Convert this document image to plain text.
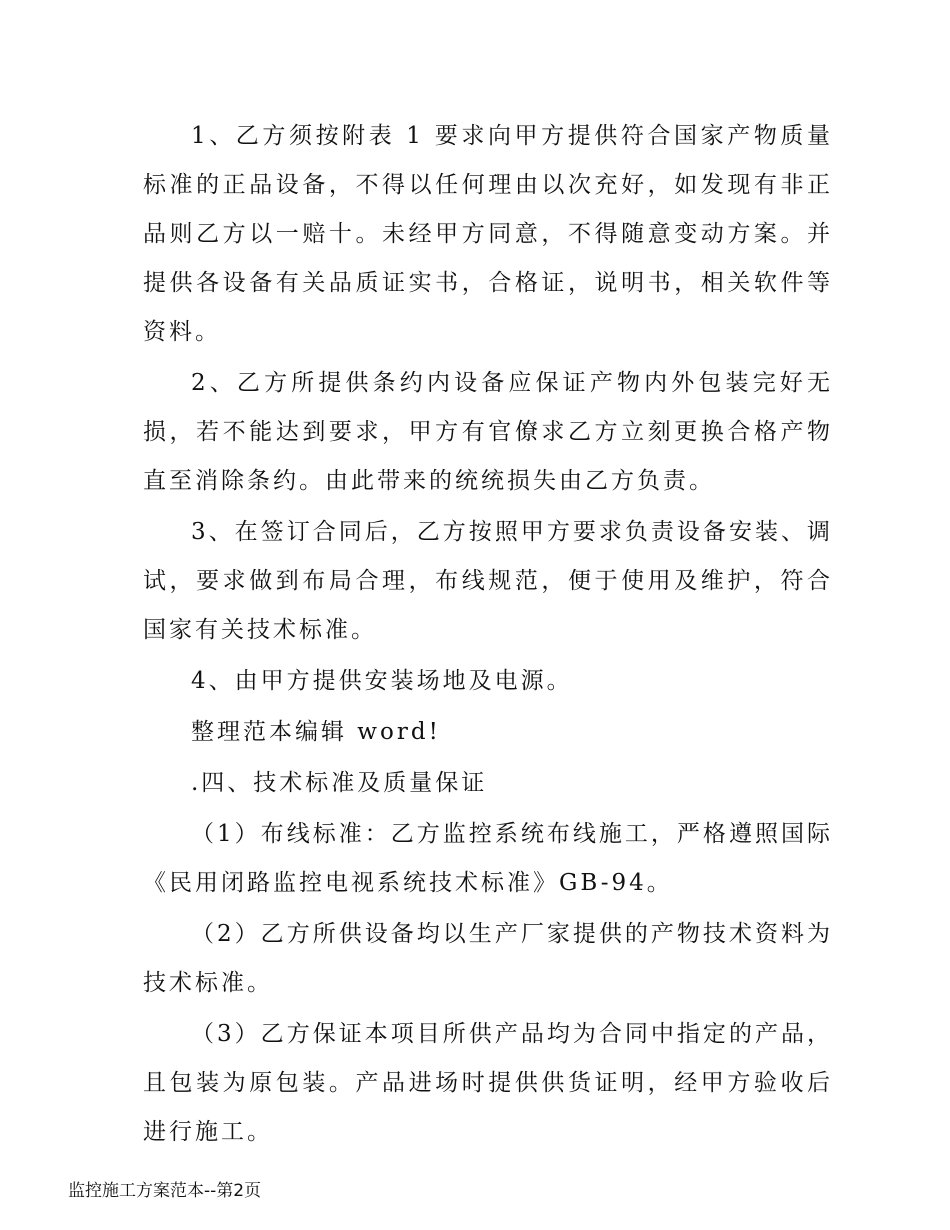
1、乙方须按附表 1 要求向甲方提供符合国家产物质量标准的正品设备，不得以任何理由以次充好，如发现有非正品则乙方以一赔十。未经甲方同意，不得随意变动方案。并提供各设备有关品质证实书，合格证，说明书，相关软件等资料。

2、乙方所提供条约内设备应保证产物内外包装完好无损，若不能达到要求，甲方有官僚求乙方立刻更换合格产物直至消除条约。由此带来的统统损失由乙方负责。

3、在签订合同后，乙方按照甲方要求负责设备安装、调试，要求做到布局合理，布线规范，便于使用及维护，符合国家有关技术标准。

4、由甲方提供安装场地及电源。

整理范本编辑 word!

.四、技术标准及质量保证

（1）布线标准：乙方监控系统布线施工，严格遵照国际《民用闭路监控电视系统技术标准》GB-94。

（2）乙方所供设备均以生产厂家提供的产物技术资料为技术标准。

（3）乙方保证本项目所供产品均为合同中指定的产品，且包装为原包装。产品进场时提供供货证明，经甲方验收后进行施工。

监控施工方案范本--第2页
